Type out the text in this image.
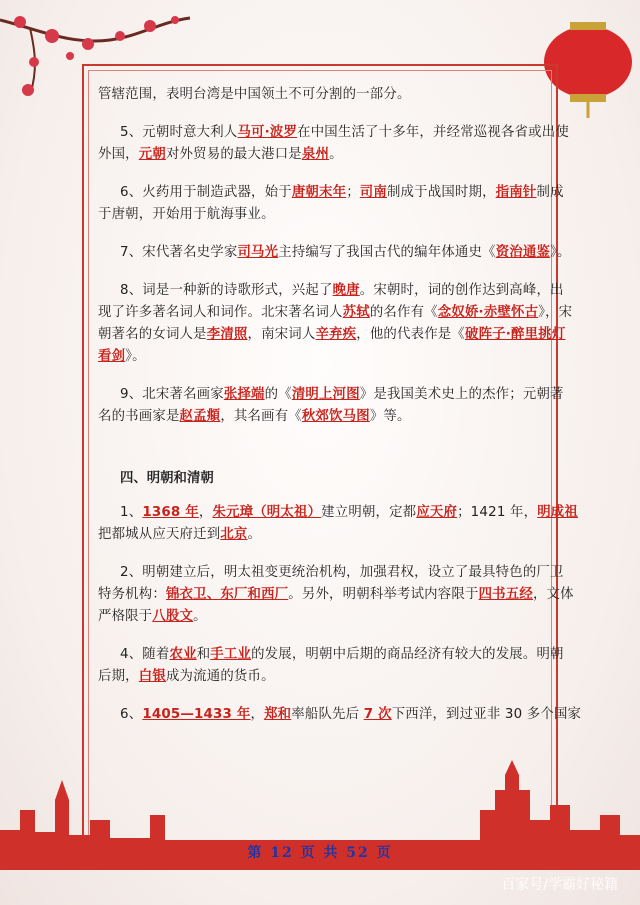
管辖范围，表明台湾是中国领土不可分割的一部分。

5、元朝时意大利人马可·波罗在中国生活了十多年，并经常巡视各省或出使
外国，元朝对外贸易的最大港口是泉州。

6、火药用于制造武器，始于唐朝末年；司南制成于战国时期，指南针制成
于唐朝，开始用于航海事业。

7、宋代著名史学家司马光主持编写了我国古代的编年体通史《资治通鉴》。

8、词是一种新的诗歌形式，兴起了晚唐。宋朝时，词的创作达到高峰，出
现了许多著名词人和词作。北宋著名词人苏轼的名作有《念奴娇·赤壁怀古》，宋
朝著名的女词人是李清照，南宋词人辛弃疾，他的代表作是《破阵子·醉里挑灯
看剑》。

9、北宋著名画家张择端的《清明上河图》是我国美术史上的杰作；元朝著
名的书画家是赵孟頫，其名画有《秋郊饮马图》等。

四、明朝和清朝

1、1368 年，朱元璋（明太祖）建立明朝，定都应天府；1421 年，明成祖
把都城从应天府迁到北京。

2、明朝建立后，明太祖变更统治机构，加强君权，设立了最具特色的厂卫
特务机构：锦衣卫、东厂和西厂。另外，明朝科举考试内容限于四书五经，文体
严格限于八股文。

4、随着农业和手工业的发展，明朝中后期的商品经济有较大的发展。明朝
后期，白银成为流通的货币。

6、1405—1433 年，郑和率船队先后 7 次下西洋，到过亚非 30 多个国家

第 12 页 共 52 页
百家号/学霸好秘籍
